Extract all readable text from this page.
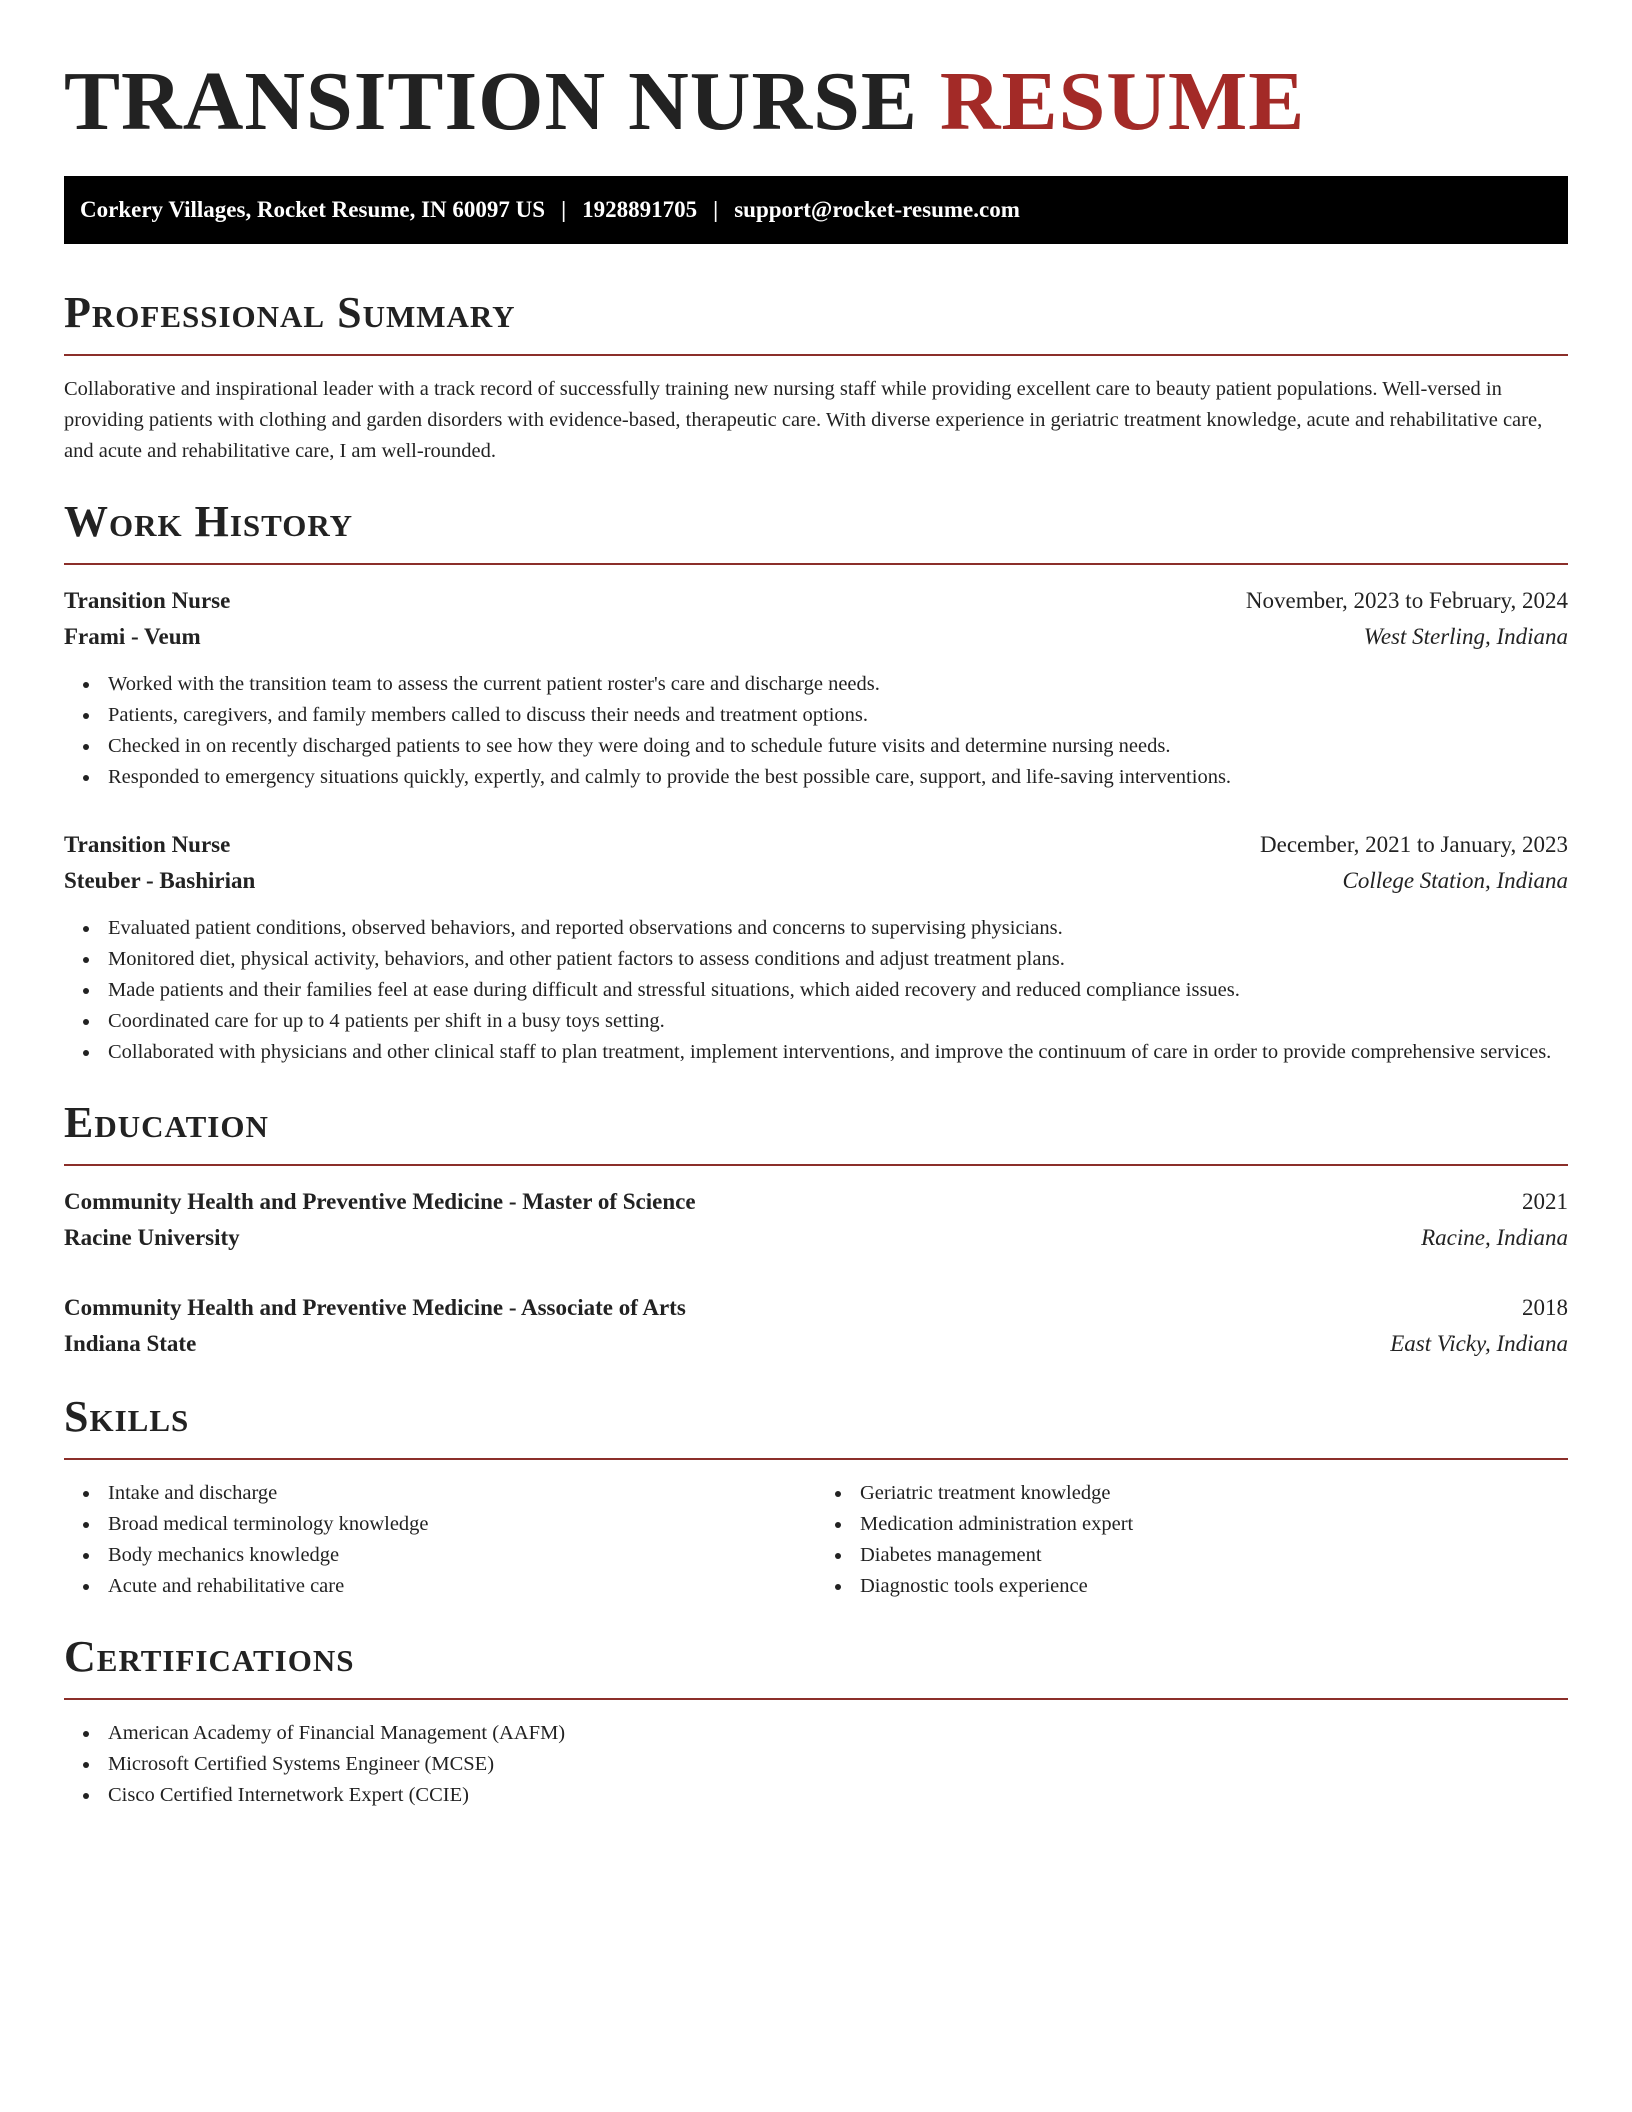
TRANSITION NURSE RESUME
Corkery Villages, Rocket Resume, IN 60097 US | 1928891705 | support@rocket-resume.com
Professional Summary

Collaborative and inspirational leader with a track record of successfully training new nursing staff while providing excellent care to beauty patient populations. Well-versed in providing patients with clothing and garden disorders with evidence-based, therapeutic care. With diverse experience in geriatric treatment knowledge, acute and rehabilitative care, and acute and rehabilitative care, I am well-rounded.

Work History
Transition Nurse	November, 2023 to February, 2024
Frami - Veum	West Sterling, Indiana
Worked with the transition team to assess the current patient roster's care and discharge needs.
Patients, caregivers, and family members called to discuss their needs and treatment options.
Checked in on recently discharged patients to see how they were doing and to schedule future visits and determine nursing needs.
Responded to emergency situations quickly, expertly, and calmly to provide the best possible care, support, and life-saving interventions.
Transition Nurse	December, 2021 to January, 2023
Steuber - Bashirian	College Station, Indiana
Evaluated patient conditions, observed behaviors, and reported observations and concerns to supervising physicians.
Monitored diet, physical activity, behaviors, and other patient factors to assess conditions and adjust treatment plans.
Made patients and their families feel at ease during difficult and stressful situations, which aided recovery and reduced compliance issues.
Coordinated care for up to 4 patients per shift in a busy toys setting.
Collaborated with physicians and other clinical staff to plan treatment, implement interventions, and improve the continuum of care in order to provide comprehensive services.
Education
Community Health and Preventive Medicine - Master of Science	2021
Racine University	Racine, Indiana
Community Health and Preventive Medicine - Associate of Arts	2018
Indiana State	East Vicky, Indiana
Skills
Intake and discharge
Broad medical terminology knowledge
Body mechanics knowledge
Acute and rehabilitative care
Geriatric treatment knowledge
Medication administration expert
Diabetes management
Diagnostic tools experience
Certifications
American Academy of Financial Management (AAFM)
Microsoft Certified Systems Engineer (MCSE)
Cisco Certified Internetwork Expert (CCIE)
